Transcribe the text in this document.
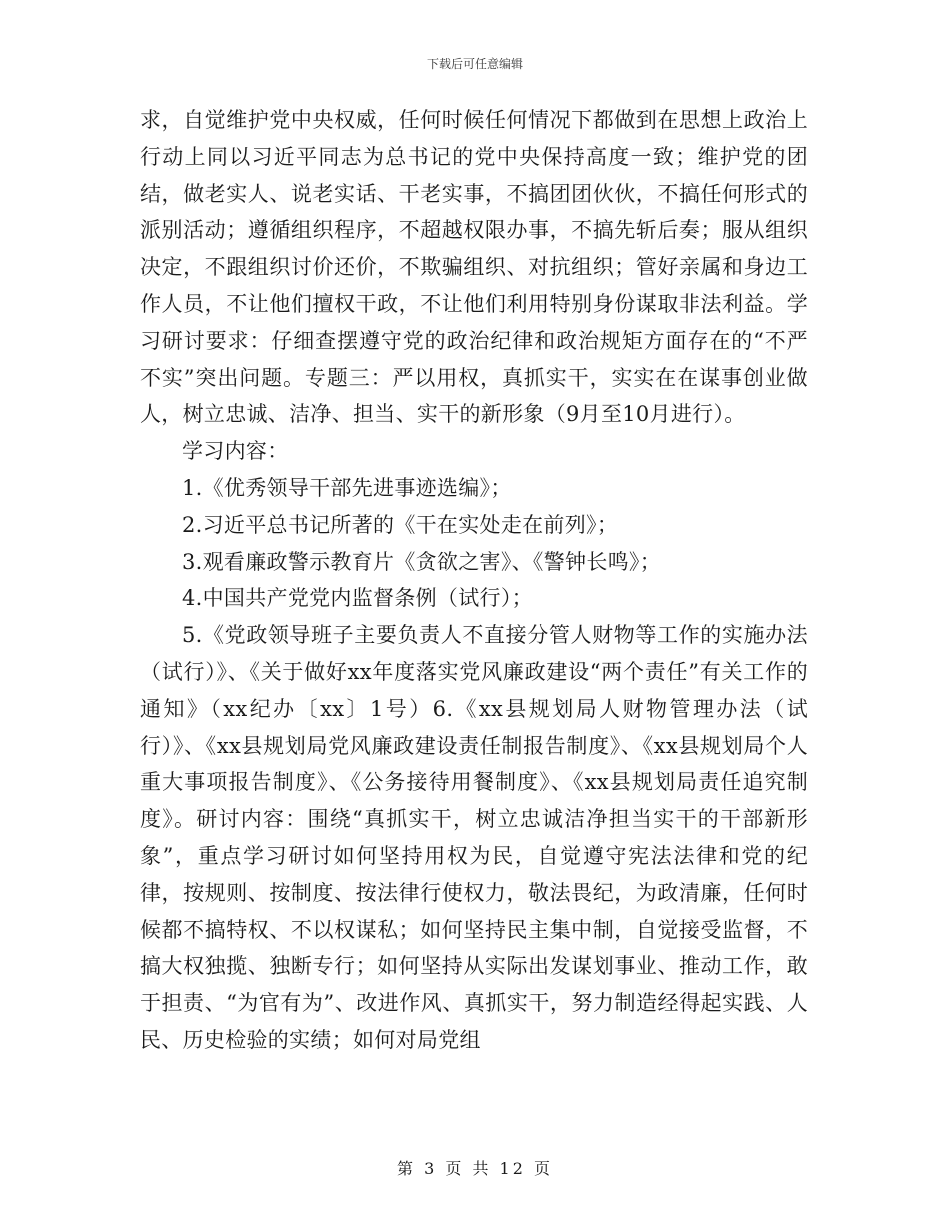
下载后可任意编辑

求，自觉维护党中央权威，任何时候任何情况下都做到在思想上政治上行动上同以习近平同志为总书记的党中央保持高度一致；维护党的团结，做老实人、说老实话、干老实事，不搞团团伙伙，不搞任何形式的派别活动；遵循组织程序，不超越权限办事，不搞先斩后奏；服从组织决定，不跟组织讨价还价，不欺骗组织、对抗组织；管好亲属和身边工作人员，不让他们擅权干政，不让他们利用特别身份谋取非法利益。学习研讨要求：仔细查摆遵守党的政治纪律和政治规矩方面存在的“不严不实”突出问题。专题三：严以用权，真抓实干，实实在在谋事创业做人，树立忠诚、洁净、担当、实干的新形象（9月至10月进行）。

学习内容：

1.《优秀领导干部先进事迹选编》；

2.习近平总书记所著的《干在实处走在前列》；

3.观看廉政警示教育片《贪欲之害》、《警钟长鸣》；

4.中国共产党党内监督条例（试行）；

5.《党政领导班子主要负责人不直接分管人财物等工作的实施办法（试行）》、《关于做好xx年度落实党风廉政建设“两个责任”有关工作的通知》（xx纪办〔xx〕1号）6.《xx县规划局人财物管理办法（试行）》、《xx县规划局党风廉政建设责任制报告制度》、《xx县规划局个人重大事项报告制度》、《公务接待用餐制度》、《xx县规划局责任追究制度》。研讨内容：围绕“真抓实干，树立忠诚洁净担当实干的干部新形象”，重点学习研讨如何坚持用权为民，自觉遵守宪法法律和党的纪律，按规则、按制度、按法律行使权力，敬法畏纪，为政清廉，任何时候都不搞特权、不以权谋私；如何坚持民主集中制，自觉接受监督，不搞大权独揽、独断专行；如何坚持从实际出发谋划事业、推动工作，敢于担责、“为官有为”、改进作风、真抓实干，努力制造经得起实践、人民、历史检验的实绩；如何对局党组

第 3 页 共 12 页
